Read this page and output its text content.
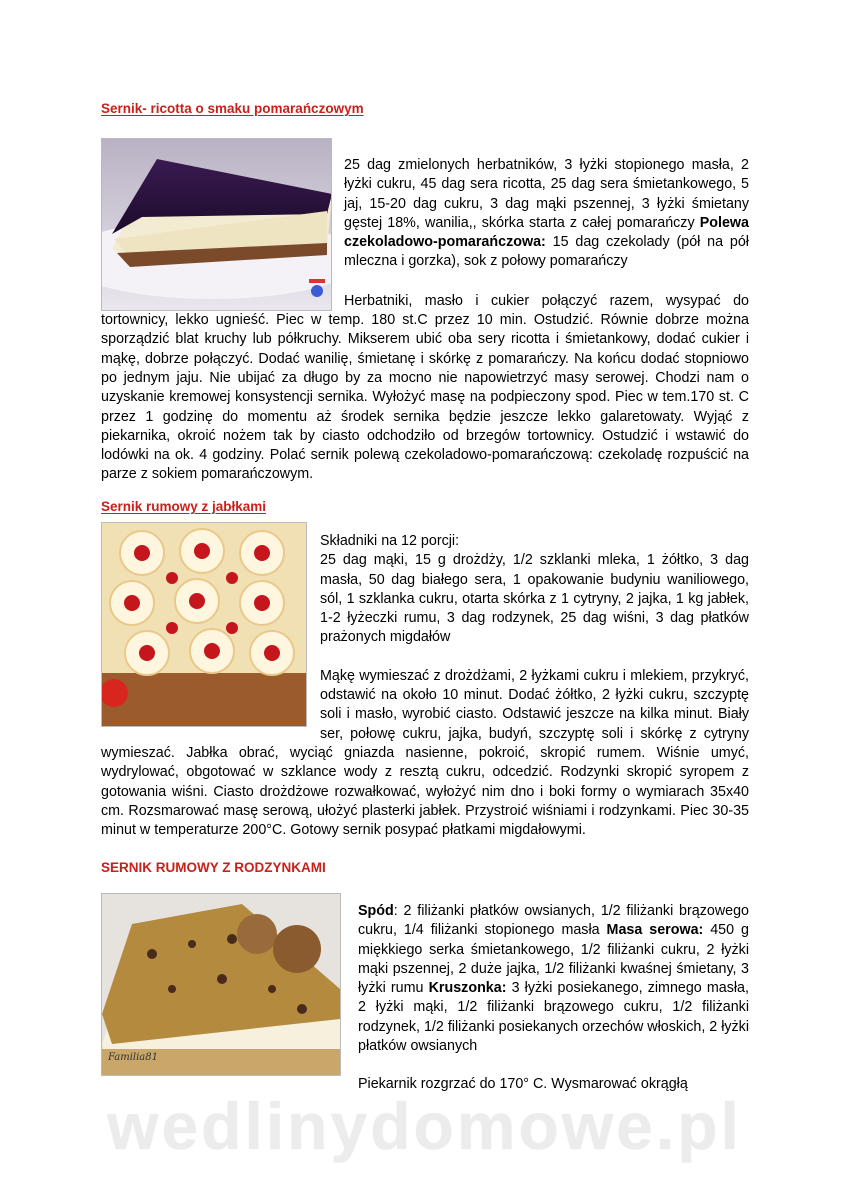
Sernik- ricotta o smaku pomarańczowym
25 dag zmielonych herbatników, 3 łyżki stopionego masła, 2 łyżki cukru, 45 dag sera ricotta, 25 dag sera śmietankowego, 5 jaj, 15-20 dag cukru, 3 dag mąki pszennej, 3 łyżki śmietany gęstej 18%, wanilia,, skórka starta z całej pomarańczy Polewa czekoladowo-pomarańczowa: 15 dag czekolady (pół na pół mleczna i gorzka), sok z połowy pomarańczy

Herbatniki, masło i cukier połączyć razem, wysypać do tortownicy, lekko ugnieść. Piec w temp. 180 st.C przez 10 min. Ostudzić. Równie dobrze można sporządzić blat kruchy lub półkruchy. Mikserem ubić oba sery ricotta i śmietankowy, dodać cukier i mąkę, dobrze połączyć. Dodać wanilię, śmietanę i skórkę z pomarańczy. Na końcu dodać stopniowo po jednym jaju. Nie ubijać za długo by za mocno nie napowietrzyć masy serowej. Chodzi nam o uzyskanie kremowej konsystencji sernika. Wyłożyć masę na podpieczony spod. Piec w tem.170 st. C przez 1 godzinę do momentu aż środek sernika będzie jeszcze lekko galaretowaty. Wyjąć z piekarnika, okroić nożem tak by ciasto odchodziło od brzegów tortownicy. Ostudzić i wstawić do lodówki na ok. 4 godziny. Polać sernik polewą czekoladowo-pomarańczową: czekoladę rozpuścić na parze z sokiem pomarańczowym.

Sernik rumowy z jabłkami

Składniki na 12 porcji:

25 dag mąki, 15 g drożdży, 1/2 szklanki mleka, 1 żółtko, 3 dag masła, 50 dag białego sera, 1 opakowanie budyniu waniliowego, sól, 1 szklanka cukru, otarta skórka z 1 cytryny, 2 jajka, 1 kg jabłek, 1-2 łyżeczki rumu, 3 dag rodzynek, 25 dag wiśni, 3 dag płatków prażonych migdałów

Mąkę wymieszać z drożdżami, 2 łyżkami cukru i mlekiem, przykryć, odstawić na około 10 minut. Dodać żółtko, 2 łyżki cukru, szczyptę soli i masło, wyrobić ciasto. Odstawić jeszcze na kilka minut. Biały ser, połowę cukru, jajka, budyń, szczyptę soli i skórkę z cytryny wymieszać. Jabłka obrać, wyciąć gniazda nasienne, pokroić, skropić rumem. Wiśnie umyć, wydrylować, obgotować w szklance wody z resztą cukru, odcedzić. Rodzynki skropić syropem z gotowania wiśni. Ciasto drożdżowe rozwałkować, wyłożyć nim dno i boki formy o wymiarach 35x40 cm. Rozsmarować masę serową, ułożyć plasterki jabłek. Przystroić wiśniami i rodzynkami. Piec 30-35 minut w temperaturze 200°C. Gotowy sernik posypać płatkami migdałowymi.

SERNIK RUMOWY Z RODZYNKAMI
Familia81
Spód: 2 filiżanki płatków owsianych, 1/2 filiżanki brązowego cukru, 1/4 filiżanki stopionego masła Masa serowa: 450 g miękkiego serka śmietankowego, 1/2 filiżanki cukru, 2 łyżki mąki pszennej, 2 duże jajka, 1/2 filiżanki kwaśnej śmietany, 3 łyżki rumu Kruszonka: 3 łyżki posiekanego, zimnego masła, 2 łyżki mąki, 1/2 filiżanki brązowego cukru, 1/2 filiżanki rodzynek, 1/2 filiżanki posiekanych orzechów włoskich, 2 łyżki płatków owsianych

Piekarnik rozgrzać do 170° C. Wysmarować okrągłą

wedlinydomowe.pl
